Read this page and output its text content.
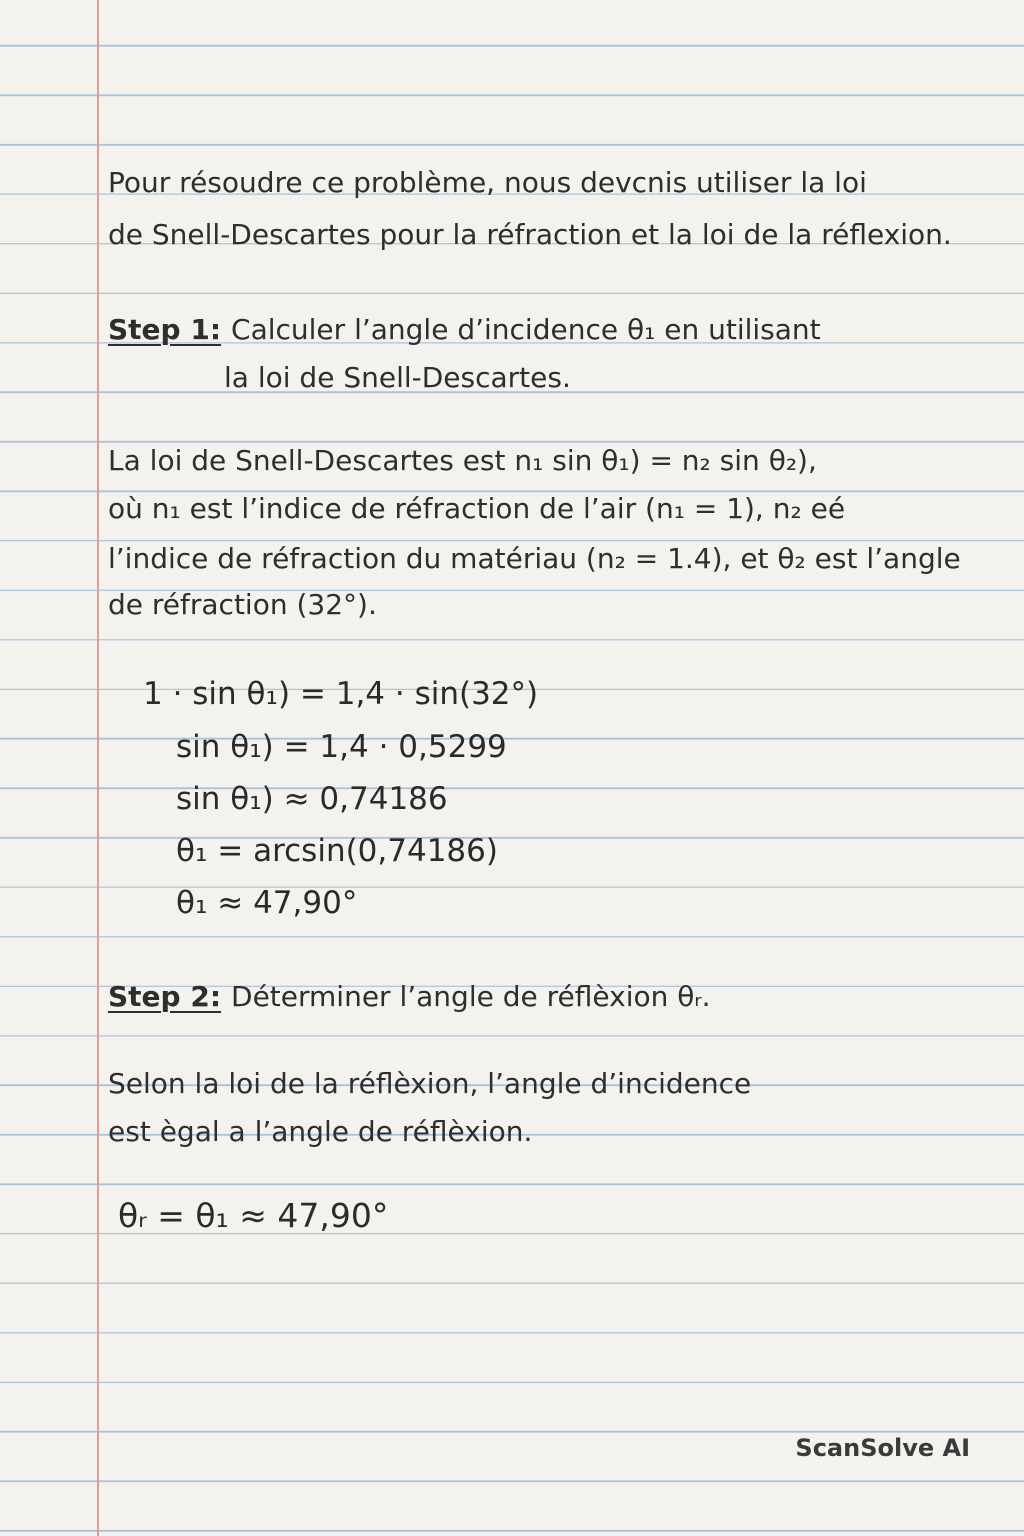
Pour résoudre ce problème, nous devcnis utiliser la loi

de Snell-Descartes pour la réfraction et la loi de la réflexion.

Step 1: Calculer l’angle d’incidence θ₁ en utilisant

la loi de Snell-Descartes.

La loi de Snell-Descartes est n₁ sin θ₁) = n₂ sin θ₂),

où n₁ est l’indice de réfraction de l’air (n₁ = 1), n₂ eé

l’indice de réfraction du matériau (n₂ = 1.4), et θ₂ est l’angle

de réfraction (32°).

1 · sin θ₁) = 1,4 · sin(32°)

sin θ₁) = 1,4 · 0,5299

sin θ₁) ≈ 0,74186

θ₁ = arcsin(0,74186)

θ₁ ≈ 47,90°

Step 2: Déterminer l’angle de réflèxion θᵣ.

Selon la loi de la réflèxion, l’angle d’incidence

est ègal a l’angle de réflèxion.

θᵣ = θ₁ ≈ 47,90°

ScanSolve AI
